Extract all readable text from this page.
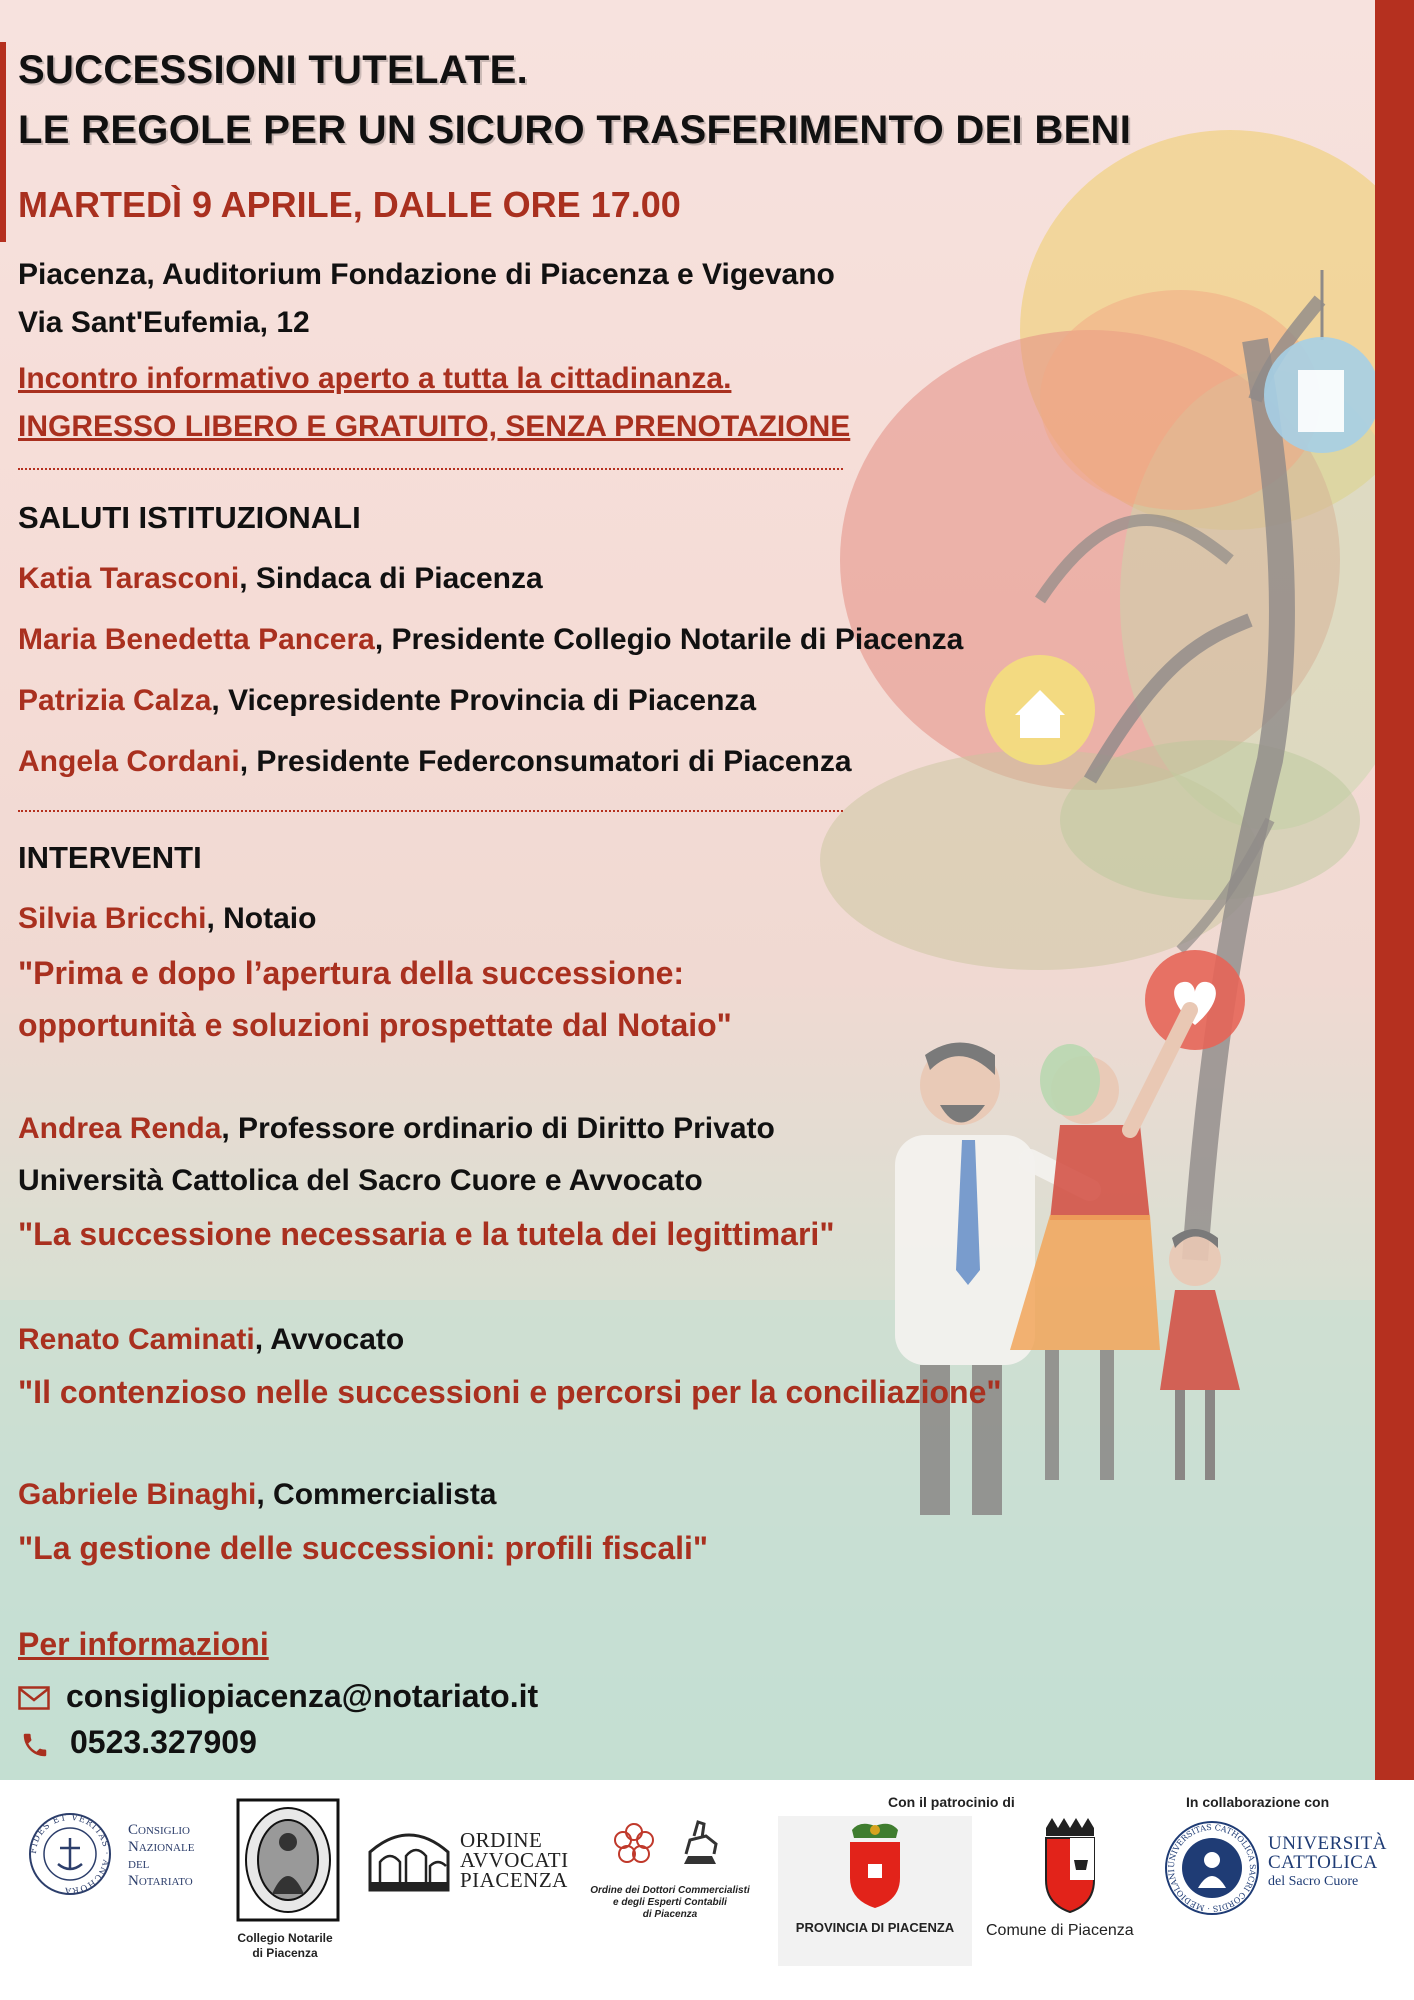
SUCCESSIONI TUTELATE.

LE REGOLE PER UN SICURO TRASFERIMENTO DEI BENI

MARTEDÌ 9 APRILE, DALLE ORE 17.00

Piacenza, Auditorium Fondazione di Piacenza e Vigevano

Via Sant'Eufemia, 12

Incontro informativo aperto a tutta la cittadinanza.

INGRESSO LIBERO E GRATUITO, SENZA PRENOTAZIONE

SALUTI ISTITUZIONALI

Katia Tarasconi, Sindaca di Piacenza

Maria Benedetta Pancera, Presidente Collegio Notarile di Piacenza

Patrizia Calza, Vicepresidente Provincia di Piacenza

Angela Cordani, Presidente Federconsumatori di Piacenza

INTERVENTI

Silvia Bricchi, Notaio

"Prima e dopo l’apertura della successione:

opportunità e soluzioni prospettate dal Notaio"

Andrea Renda, Professore ordinario di Diritto Privato

Università Cattolica del Sacro Cuore e Avvocato

"La successione necessaria e la tutela dei legittimari"

Renato Caminati, Avvocato

"Il contenzioso nelle successioni e percorsi per la conciliazione"

Gabriele Binaghi, Commercialista

"La gestione delle successioni: profili fiscali"

Per informazioni

consigliopiacenza@notariato.it
0523.327909
FIDES ET VERITAS · ANCHORA
Consiglio
Nazionale
del
Notariato
Collegio Notarile
di Piacenza
ORDINE
AVVOCATI
PIACENZA	Ordine dei Dottori Commercialisti
e degli Esperti Contabili
di Piacenza
Con il patrocinio di
PROVINCIA DI PIACENZA	Comune di Piacenza
In collaborazione con
UNIVERSITAS CATHOLICA SACRI CORDIS · MEDIOLANI
UNIVERSITÀ
CATTOLICA
del Sacro Cuore
